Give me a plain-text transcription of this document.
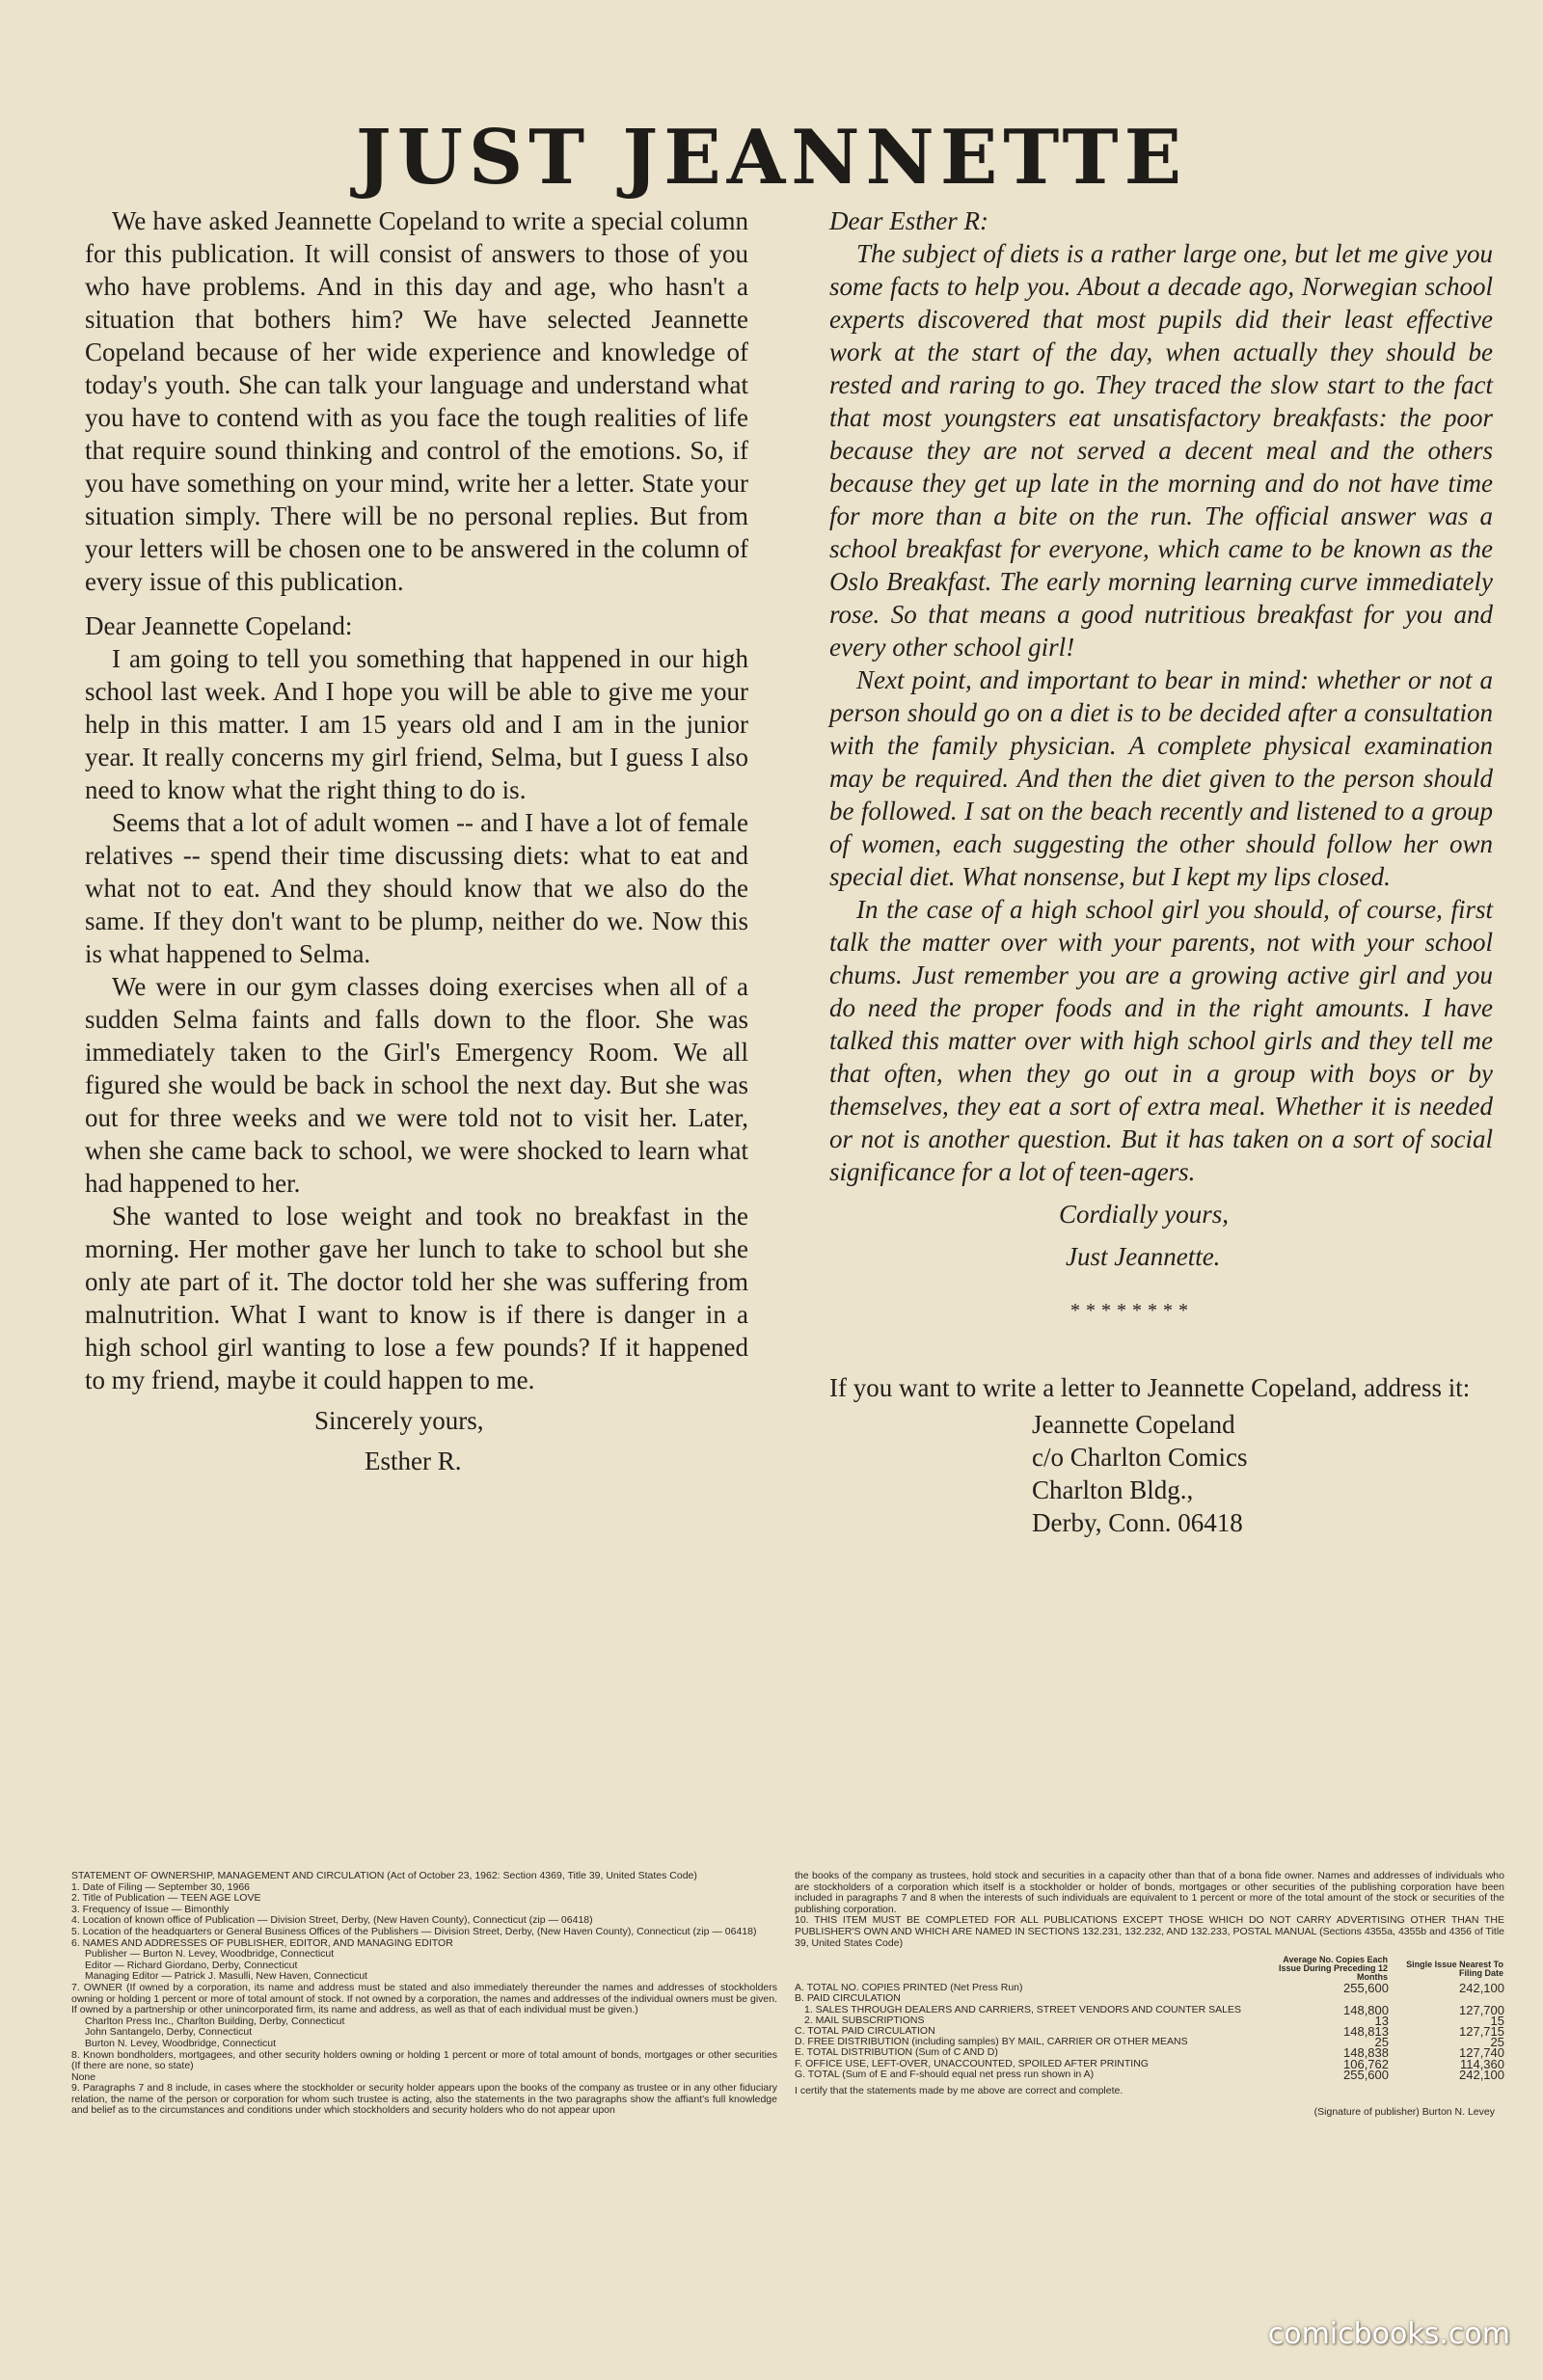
JUST JEANNETTE

We have asked Jeannette Copeland to write a special column for this publication. It will consist of answers to those of you who have problems. And in this day and age, who hasn't a situation that bothers him? We have selected Jeannette Copeland because of her wide experience and knowledge of today's youth. She can talk your language and understand what you have to contend with as you face the tough realities of life that require sound thinking and control of the emotions. So, if you have something on your mind, write her a letter. State your situation simply. There will be no personal replies. But from your letters will be chosen one to be answered in the column of every issue of this publication.

Dear Jeannette Copeland:

I am going to tell you something that happened in our high school last week. And I hope you will be able to give me your help in this matter. I am 15 years old and I am in the junior year. It really concerns my girl friend, Selma, but I guess I also need to know what the right thing to do is.

Seems that a lot of adult women -- and I have a lot of female relatives -- spend their time discussing diets: what to eat and what not to eat. And they should know that we also do the same. If they don't want to be plump, neither do we. Now this is what happened to Selma.

We were in our gym classes doing exercises when all of a sudden Selma faints and falls down to the floor. She was immediately taken to the Girl's Emergency Room. We all figured she would be back in school the next day. But she was out for three weeks and we were told not to visit her. Later, when she came back to school, we were shocked to learn what had happened to her.

She wanted to lose weight and took no breakfast in the morning. Her mother gave her lunch to take to school but she only ate part of it. The doctor told her she was suffering from malnutrition. What I want to know is if there is danger in a high school girl wanting to lose a few pounds? If it happened to my friend, maybe it could happen to me.

Sincerely yours,

Esther R.

Dear Esther R:

The subject of diets is a rather large one, but let me give you some facts to help you. About a decade ago, Norwegian school experts discovered that most pupils did their least effective work at the start of the day, when actually they should be rested and raring to go. They traced the slow start to the fact that most youngsters eat unsatisfactory breakfasts: the poor because they are not served a decent meal and the others because they get up late in the morning and do not have time for more than a bite on the run. The official answer was a school breakfast for everyone, which came to be known as the Oslo Breakfast. The early morning learning curve immediately rose. So that means a good nutritious breakfast for you and every other school girl!

Next point, and important to bear in mind: whether or not a person should go on a diet is to be decided after a consultation with the family physician. A complete physical examination may be required. And then the diet given to the person should be followed. I sat on the beach recently and listened to a group of women, each suggesting the other should follow her own special diet. What nonsense, but I kept my lips closed.

In the case of a high school girl you should, of course, first talk the matter over with your parents, not with your school chums. Just remember you are a growing active girl and you do need the proper foods and in the right amounts. I have talked this matter over with high school girls and they tell me that often, when they go out in a group with boys or by themselves, they eat a sort of extra meal. Whether it is needed or not is another question. But it has taken on a sort of social significance for a lot of teen-agers.

Cordially yours,

Just Jeannette.

********

If you want to write a letter to Jeannette Copeland, address it:

Jeannette Copeland

c/o Charlton Comics

Charlton Bldg.,

Derby, Conn. 06418

STATEMENT OF OWNERSHIP, MANAGEMENT AND CIRCULATION (Act of October 23, 1962: Section 4369, Title 39, United States Code)

1. Date of Filing — September 30, 1966

2. Title of Publication — TEEN AGE LOVE

3. Frequency of Issue — Bimonthly

4. Location of known office of Publication — Division Street, Derby, (New Haven County), Connecticut (zip — 06418)

5. Location of the headquarters or General Business Offices of the Publishers — Division Street, Derby, (New Haven County), Connecticut (zip — 06418)

6. NAMES AND ADDRESSES OF PUBLISHER, EDITOR, AND MANAGING EDITOR

Publisher — Burton N. Levey, Woodbridge, Connecticut

Editor — Richard Giordano, Derby, Connecticut

Managing Editor — Patrick J. Masulli, New Haven, Connecticut

7. OWNER (If owned by a corporation, its name and address must be stated and also immediately thereunder the names and addresses of stockholders owning or holding 1 percent or more of total amount of stock. If not owned by a corporation, the names and addresses of the individual owners must be given. If owned by a partnership or other unincorporated firm, its name and address, as well as that of each individual must be given.)

Charlton Press Inc., Charlton Building, Derby, Connecticut

John Santangelo, Derby, Connecticut

Burton N. Levey, Woodbridge, Connecticut

8. Known bondholders, mortgagees, and other security holders owning or holding 1 percent or more of total amount of bonds, mortgages or other securities (If there are none, so state)

None

9. Paragraphs 7 and 8 include, in cases where the stockholder or security holder appears upon the books of the company as trustee or in any other fiduciary relation, the name of the person or corporation for whom such trustee is acting, also the statements in the two paragraphs show the affiant's full knowledge and belief as to the circumstances and conditions under which stockholders and security holders who do not appear upon

the books of the company as trustees, hold stock and securities in a capacity other than that of a bona fide owner. Names and addresses of individuals who are stockholders of a corporation which itself is a stockholder or holder of bonds, mortgages or other securities of the publishing corporation have been included in paragraphs 7 and 8 when the interests of such individuals are equivalent to 1 percent or more of the total amount of the stock or securities of the publishing corporation.

10. THIS ITEM MUST BE COMPLETED FOR ALL PUBLICATIONS EXCEPT THOSE WHICH DO NOT CARRY ADVERTISING OTHER THAN THE PUBLISHER'S OWN AND WHICH ARE NAMED IN SECTIONS 132.231, 132.232, AND 132.233, POSTAL MANUAL (Sections 4355a, 4355b and 4356 of Title 39, United States Code)

	Average No. Copies Each Issue During Preceding 12 Months	Single Issue Nearest To Filing Date
A. TOTAL NO. COPIES PRINTED (Net Press Run)	255,600	242,100
B. PAID CIRCULATION		
1. SALES THROUGH DEALERS AND CARRIERS, STREET VENDORS AND COUNTER SALES	148,800	127,700
2. MAIL SUBSCRIPTIONS	13	15
C. TOTAL PAID CIRCULATION	148,813	127,715
D. FREE DISTRIBUTION (including samples) BY MAIL, CARRIER OR OTHER MEANS	25	25
E. TOTAL DISTRIBUTION (Sum of C AND D)	148,838	127,740
F. OFFICE USE, LEFT-OVER, UNACCOUNTED, SPOILED AFTER PRINTING	106,762	114,360
G. TOTAL (Sum of E and F-should equal net press run shown in A)	255,600	242,100
I certify that the statements made by me above are correct and complete.
(Signature of publisher) Burton N. Levey
comicbooks.com
